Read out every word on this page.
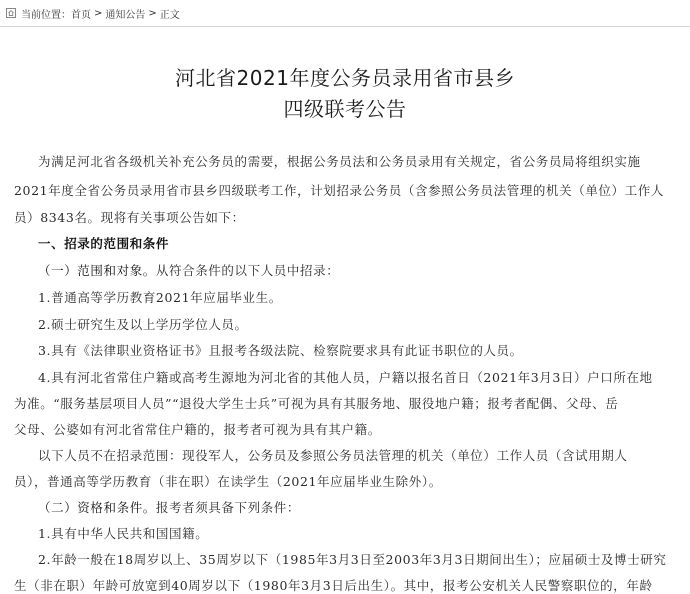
当前位置： 首页 > 通知公告 > 正文
河北省2021年度公务员录用省市县乡
四级联考公告
为满足河北省各级机关补充公务员的需要，根据公务员法和公务员录用有关规定，省公务员局将组织实施
2021年度全省公务员录用省市县乡四级联考工作，计划招录公务员（含参照公务员法管理的机关（单位）工作人
员）8343名。现将有关事项公告如下：
一、招录的范围和条件
（一）范围和对象。从符合条件的以下人员中招录：
1.普通高等学历教育2021年应届毕业生。
2.硕士研究生及以上学历学位人员。
3.具有《法律职业资格证书》且报考各级法院、检察院要求具有此证书职位的人员。
4.具有河北省常住户籍或高考生源地为河北省的其他人员，户籍以报名首日（2021年3月3日）户口所在地
为准。“服务基层项目人员”“退役大学生士兵”可视为具有其服务地、服役地户籍；报考者配偶、父母、岳
父母、公婆如有河北省常住户籍的，报考者可视为具有其户籍。
以下人员不在招录范围：现役军人，公务员及参照公务员法管理的机关（单位）工作人员（含试用期人
员），普通高等学历教育（非在职）在读学生（2021年应届毕业生除外）。
（二）资格和条件。报考者须具备下列条件：
1.具有中华人民共和国国籍。
2.年龄一般在18周岁以上、35周岁以下（1985年3月3日至2003年3月3日期间出生）；应届硕士及博士研究
生（非在职）年龄可放宽到40周岁以下（1980年3月3日后出生）。其中，报考公安机关人民警察职位的，年龄
